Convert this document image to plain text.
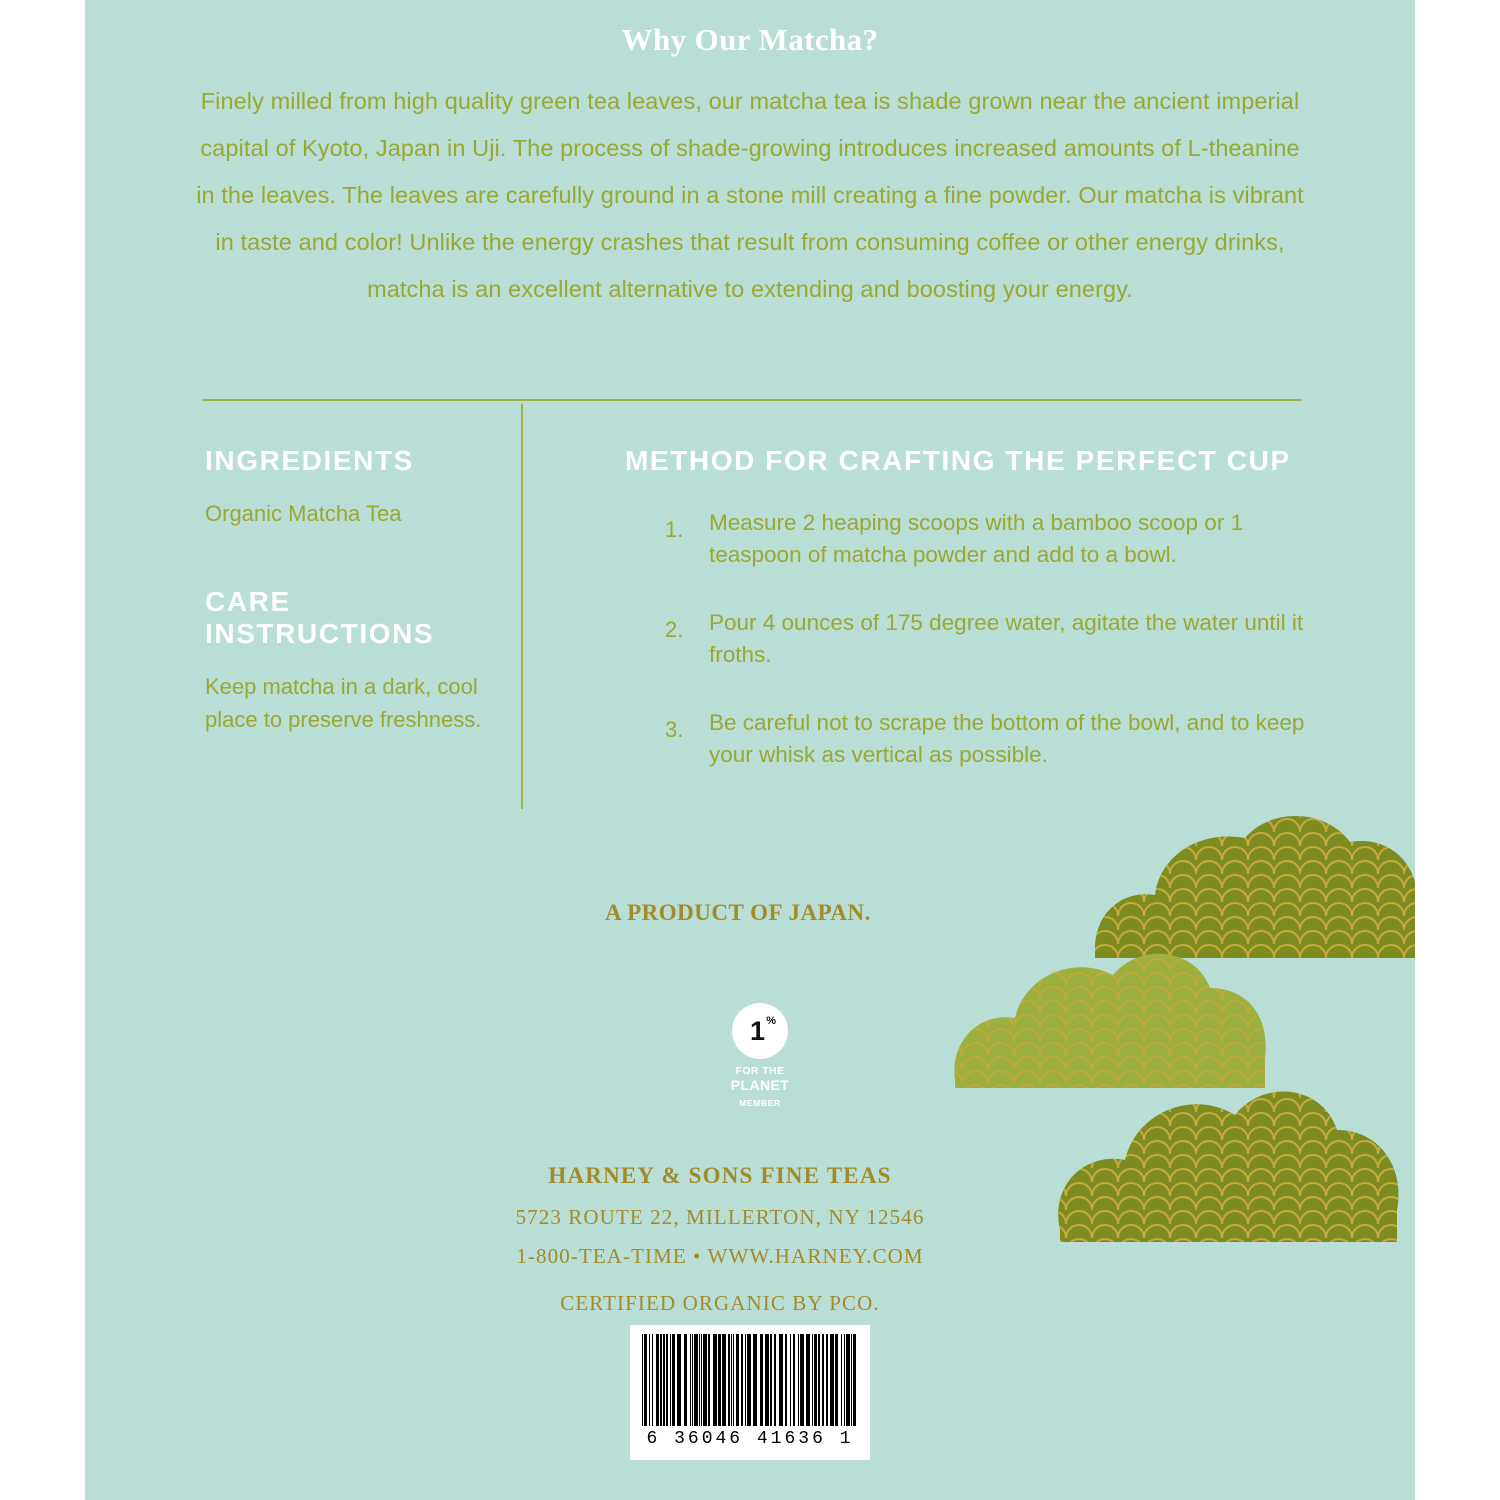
Why Our Matcha?
Finely milled from high quality green tea leaves, our matcha tea is shade grown near the ancient imperial capital of Kyoto, Japan in Uji. The process of shade-growing introduces increased amounts of L-theanine in the leaves. The leaves are carefully ground in a stone mill creating a fine powder. Our matcha is vibrant in taste and color! Unlike the energy crashes that result from consuming coffee or other energy drinks, matcha is an excellent alternative to extending and boosting your energy.
INGREDIENTS
Organic Matcha Tea
CARE INSTRUCTIONS
Keep matcha in a dark, cool place to preserve freshness.
METHOD FOR CRAFTING THE PERFECT CUP
1. Measure 2 heaping scoops with a bamboo scoop or 1 teaspoon of matcha powder and add to a bowl.
2. Pour 4 ounces of 175 degree water, agitate the water until it froths.
3. Be careful not to scrape the bottom of the bowl, and to keep your whisk as vertical as possible.
A PRODUCT OF JAPAN.
1 %
FOR THE
PLANET
MEMBER
HARNEY & SONS FINE TEAS
5723 ROUTE 22, MILLERTON, NY 12546
1-800-TEA-TIME • WWW.HARNEY.COM
CERTIFIED ORGANIC BY PCO.
6 36046 41636 1
